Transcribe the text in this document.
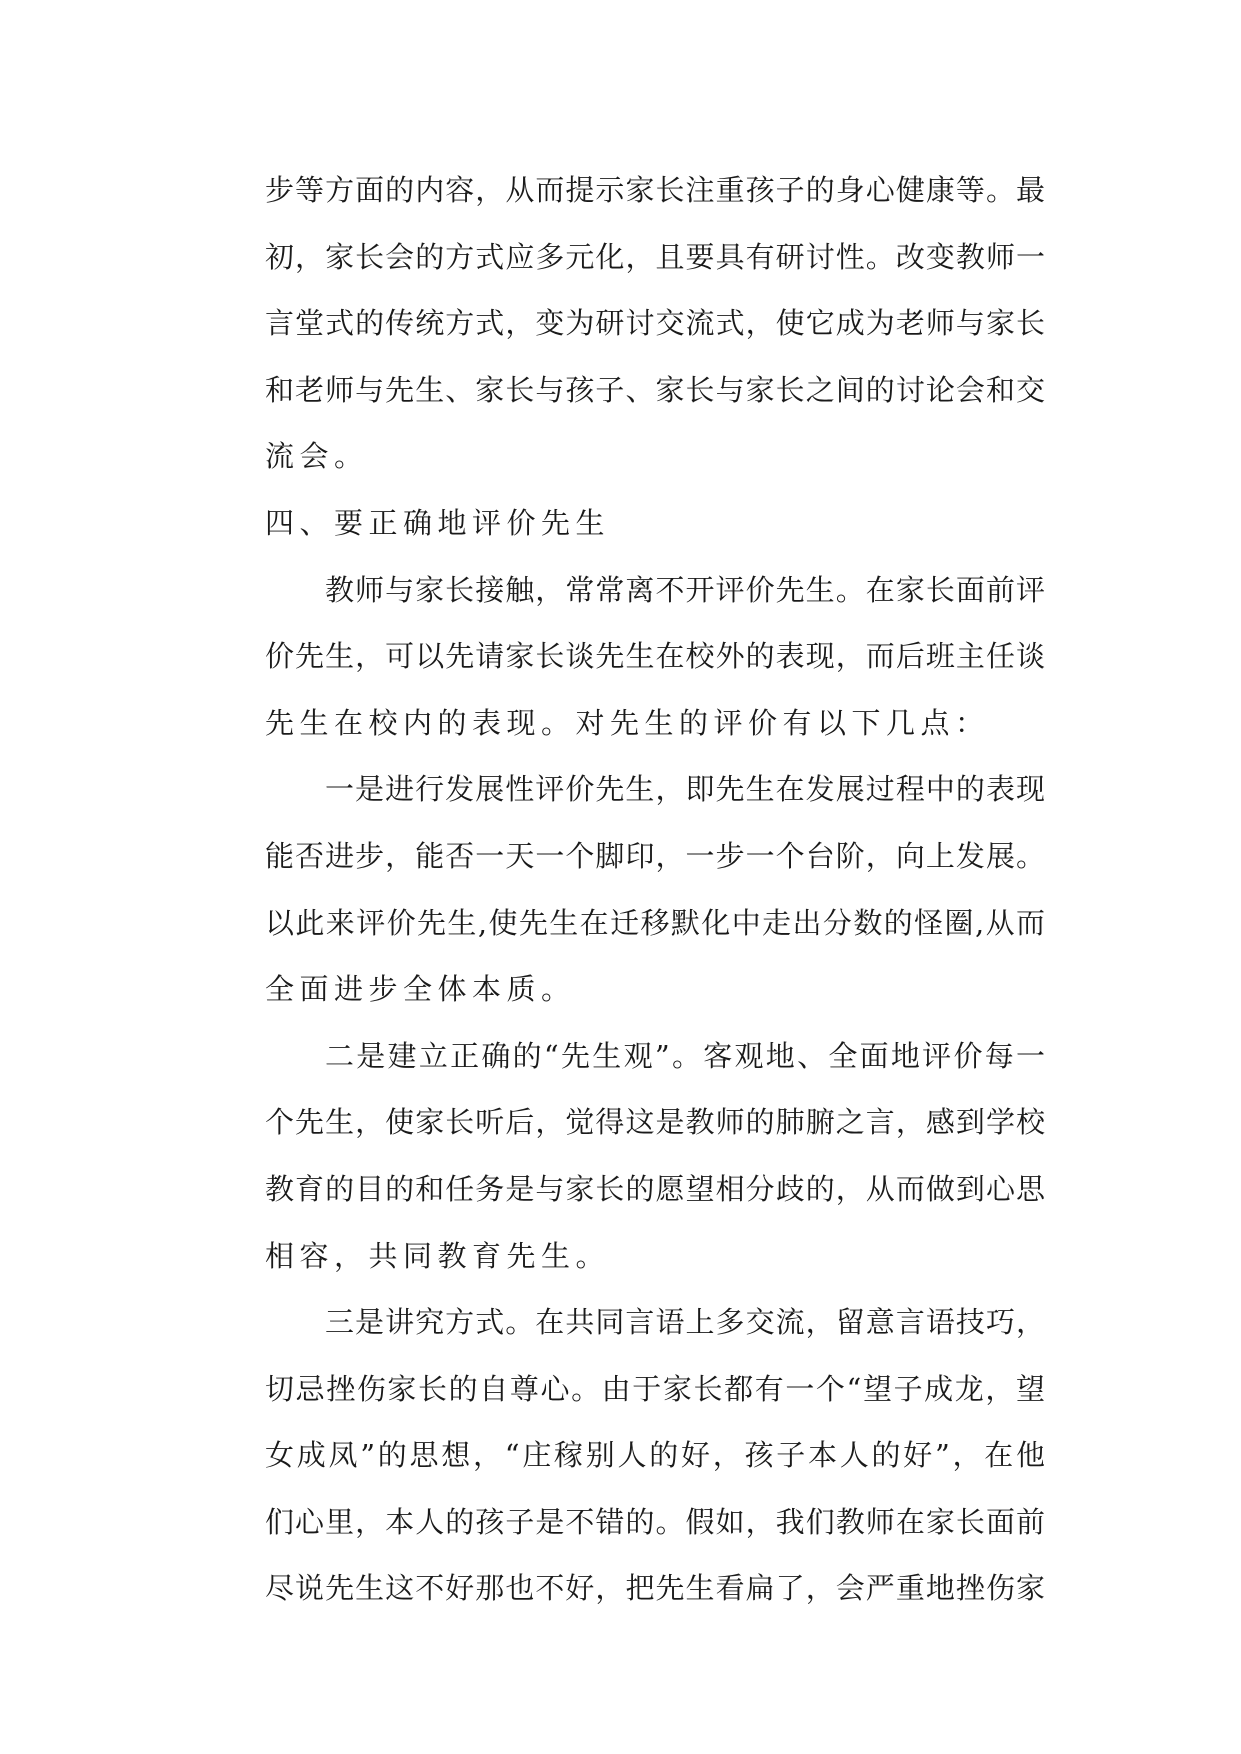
步等方面的内容，从而提示家长注重孩子的身心健康等。最
初，家长会的方式应多元化，且要具有研讨性。改变教师一
言堂式的传统方式，变为研讨交流式，使它成为老师与家长
和老师与先生、家长与孩子、家长与家长之间的讨论会和交
流会。
四、要正确地评价先生
教师与家长接触，常常离不开评价先生。在家长面前评
价先生，可以先请家长谈先生在校外的表现，而后班主任谈
先生在校内的表现。对先生的评价有以下几点：
一是进行发展性评价先生，即先生在发展过程中的表现
能否进步，能否一天一个脚印，一步一个台阶，向上发展。
以此来评价先生,使先生在迁移默化中走出分数的怪圈,从而
全面进步全体本质。
二是建立正确的“先生观”。客观地、全面地评价每一
个先生，使家长听后，觉得这是教师的肺腑之言，感到学校
教育的目的和任务是与家长的愿望相分歧的，从而做到心思
相容，共同教育先生。
三是讲究方式。在共同言语上多交流，留意言语技巧，
切忌挫伤家长的自尊心。由于家长都有一个“望子成龙，望
女成凤”的思想，“庄稼别人的好，孩子本人的好”，在他
们心里，本人的孩子是不错的。假如，我们教师在家长面前
尽说先生这不好那也不好，把先生看扁了，会严重地挫伤家
